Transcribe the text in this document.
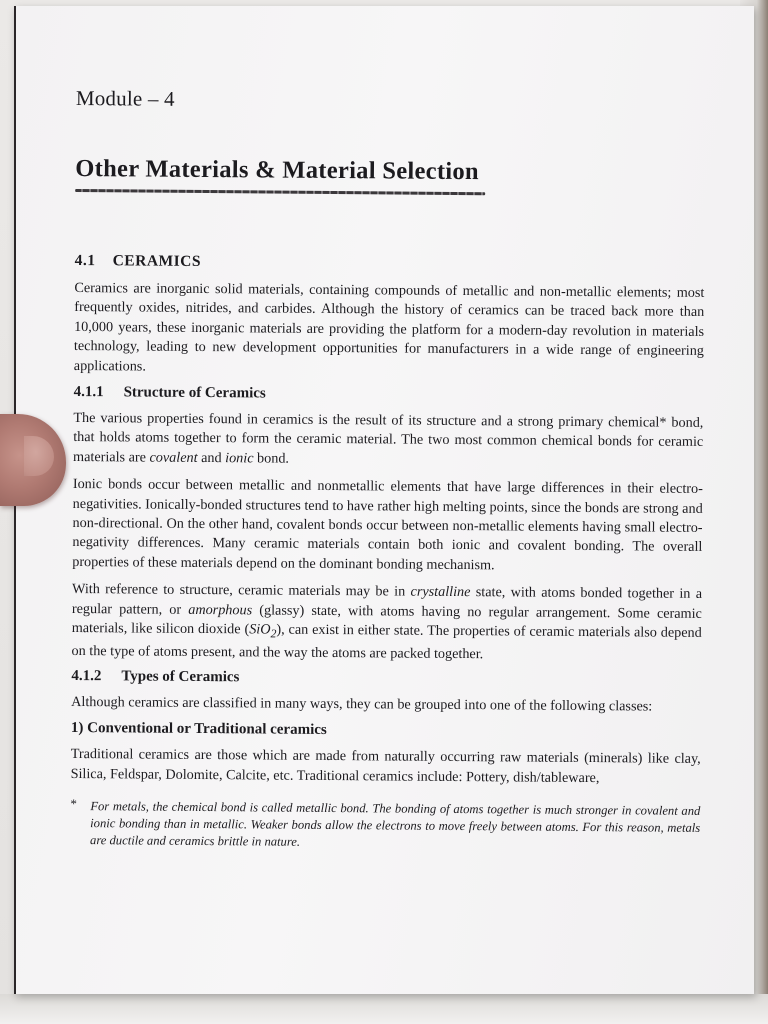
Module – 4
Other Materials & Material Selection
4.1 CERAMICS

Ceramics are inorganic solid materials, containing compounds of metallic and non-metallic elements; most frequently oxides, nitrides, and carbides. Although the history of ceramics can be traced back more than 10,000 years, these inorganic materials are providing the platform for a modern-day revolution in materials technology, leading to new development opportunities for manufacturers in a wide range of engineering applications.

4.1.1 Structure of Ceramics

The various properties found in ceramics is the result of its structure and a strong primary chemical* bond, that holds atoms together to form the ceramic material. The two most common chemical bonds for ceramic materials are covalent and ionic bond.

Ionic bonds occur between metallic and nonmetallic elements that have large differences in their electro-negativities. Ionically-bonded structures tend to have rather high melting points, since the bonds are strong and non-directional. On the other hand, covalent bonds occur between non-metallic elements having small electro-negativity differences. Many ceramic materials contain both ionic and covalent bonding. The overall properties of these materials depend on the dominant bonding mechanism.

With reference to structure, ceramic materials may be in crystalline state, with atoms bonded together in a regular pattern, or amorphous (glassy) state, with atoms having no regular arrangement. Some ceramic materials, like silicon dioxide (SiO$_2$), can exist in either state. The properties of ceramic materials also depend on the type of atoms present, and the way the atoms are packed together.

4.1.2 Types of Ceramics

Although ceramics are classified in many ways, they can be grouped into one of the following classes:

1) Conventional or Traditional ceramics

Traditional ceramics are those which are made from naturally occurring raw materials (minerals) like clay, Silica, Feldspar, Dolomite, Calcite, etc. Traditional ceramics include: Pottery, dish/tableware,

* For metals, the chemical bond is called metallic bond. The bonding of atoms together is much stronger in covalent and ionic bonding than in metallic. Weaker bonds allow the electrons to move freely between atoms. For this reason, metals are ductile and ceramics brittle in nature.
